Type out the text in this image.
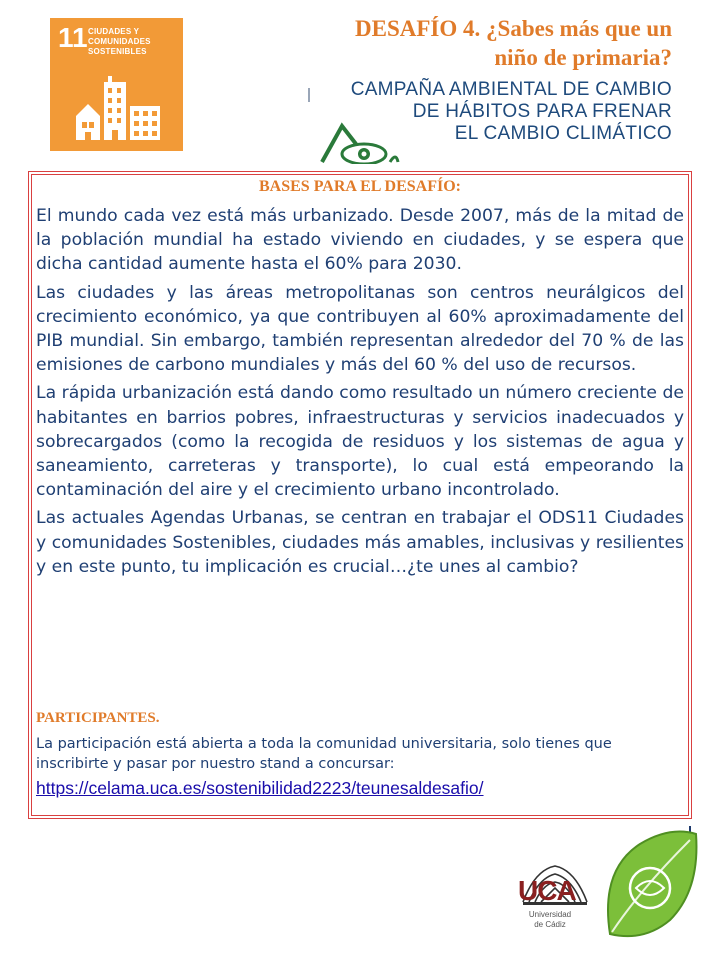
11 CIUDADES Y
COMUNIDADES
SOSTENIBLES
DESAFÍO 4. ¿Sabes más que un
niño de primaria?
CAMPAÑA AMBIENTAL DE CAMBIO
DE HÁBITOS PARA FRENAR
EL CAMBIO CLIMÁTICO
BASES PARA EL DESAFÍO:

El mundo cada vez está más urbanizado. Desde 2007, más de la mitad de la población mundial ha estado viviendo en ciudades, y se espera que dicha cantidad aumente hasta el 60% para 2030.

Las ciudades y las áreas metropolitanas son centros neurálgicos del crecimiento económico, ya que contribuyen al 60% aproximadamente del PIB mundial. Sin embargo, también representan alrededor del 70 % de las emisiones de carbono mundiales y más del 60 % del uso de recursos.

La rápida urbanización está dando como resultado un número creciente de habitantes en barrios pobres, infraestructuras y servicios inadecuados y sobrecargados (como la recogida de residuos y los sistemas de agua y saneamiento, carreteras y transporte), lo cual está empeorando la contaminación del aire y el crecimiento urbano incontrolado.

Las actuales Agendas Urbanas, se centran en trabajar el ODS11 Ciudades y comunidades Sostenibles, ciudades más amables, inclusivas y resilientes y en este punto, tu implicación es crucial…¿te unes al cambio?

PARTICIPANTES.
La participación está abierta a toda la comunidad universitaria, solo tienes que inscribirte y pasar por nuestro stand a concursar:
https://celama.uca.es/sostenibilidad2223/teunesaldesafio/
UCA
Universidad
de Cádiz
